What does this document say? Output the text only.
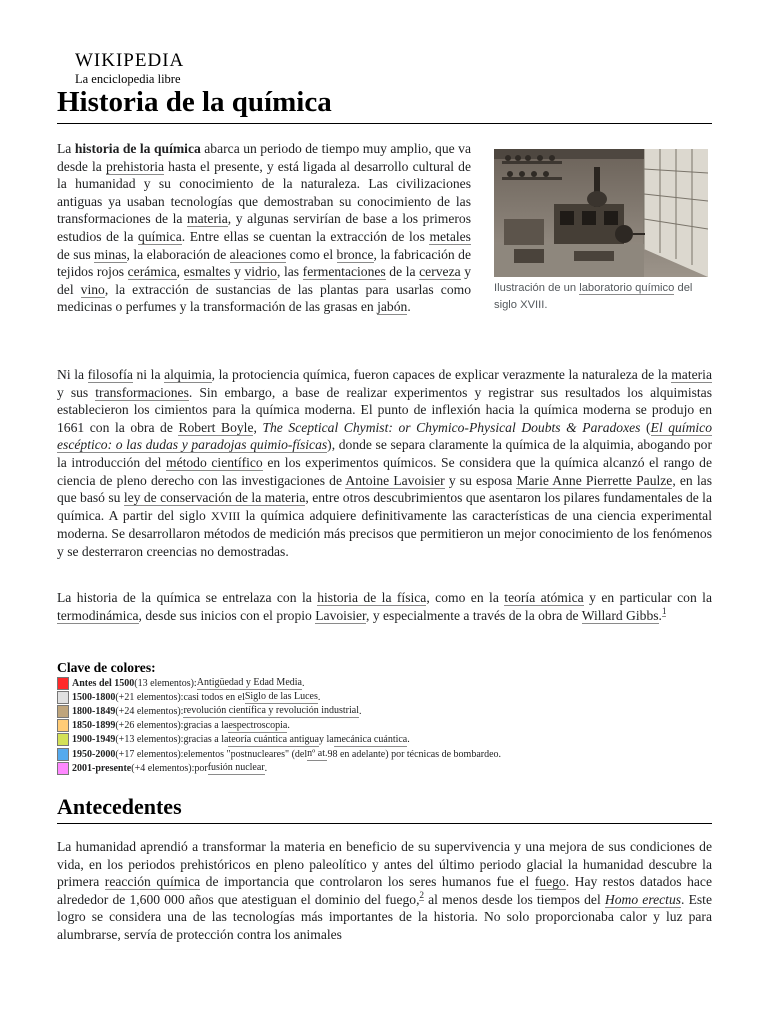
WIKIPEDIA
La enciclopedia libre
Historia de la química

La historia de la química abarca un periodo de tiempo muy amplio, que va desde la prehistoria hasta el presente, y está ligada al desarrollo cultural de la humanidad y su conocimiento de la naturaleza. Las civilizaciones antiguas ya usaban tecnologías que demostraban su conocimiento de las transformaciones de la materia, y algunas servirían de base a los primeros estudios de la química. Entre ellas se cuentan la extracción de los metales de sus minas, la elaboración de aleaciones como el bronce, la fabricación de tejidos rojos cerámica, esmaltes y vidrio, las fermentaciones de la cerveza y del vino, la extracción de sustancias de las plantas para usarlas como medicinas o perfumes y la transformación de las grasas en jabón.

Ilustración de un laboratorio químico del siglo XVIII.

Ni la filosofía ni la alquimia, la protociencia química, fueron capaces de explicar verazmente la naturaleza de la materia y sus transformaciones. Sin embargo, a base de realizar experimentos y registrar sus resultados los alquimistas establecieron los cimientos para la química moderna. El punto de inflexión hacia la química moderna se produjo en 1661 con la obra de Robert Boyle, The Sceptical Chymist: or Chymico-Physical Doubts & Paradoxes (El químico escéptico: o las dudas y paradojas quimio-físicas), donde se separa claramente la química de la alquimia, abogando por la introducción del método científico en los experimentos químicos. Se considera que la química alcanzó el rango de ciencia de pleno derecho con las investigaciones de Antoine Lavoisier y su esposa Marie Anne Pierrette Paulze, en las que basó su ley de conservación de la materia, entre otros descubrimientos que asentaron los pilares fundamentales de la química. A partir del siglo XVIII la química adquiere definitivamente las características de una ciencia experimental moderna. Se desarrollaron métodos de medición más precisos que permitieron un mejor conocimiento de los fenómenos y se desterraron creencias no demostradas.

La historia de la química se entrelaza con la historia de la física, como en la teoría atómica y en particular con la termodinámica, desde sus inicios con el propio Lavoisier, y especialmente a través de la obra de Willard Gibbs.$^1$

Clave de colores:
Antes del 1500 (13 elementos): Antigüedad y Edad Media .
1500-1800 (+21 elementos): casi todos en el Siglo de las Luces .
1800-1849 (+24 elementos): revolución científica y revolución industrial .
1850-1899 (+26 elementos): gracias a la espectroscopia .
1900-1949 (+13 elementos): gracias a la teoría cuántica antigua y la mecánica cuántica .
1950-2000 (+17 elementos): elementos "postnucleares" (del nº at. 98 en adelante) por técnicas de bombardeo.
2001-presente (+4 elementos): por fusión nuclear .
Antecedentes

La humanidad aprendió a transformar la materia en beneficio de su supervivencia y una mejora de sus condiciones de vida, en los periodos prehistóricos en pleno paleolítico y antes del último periodo glacial la humanidad descubre la primera reacción química de importancia que controlaron los seres humanos fue el fuego. Hay restos datados hace alrededor de 1,600 000 años que atestiguan el dominio del fuego,$^2$ al menos desde los tiempos del Homo erectus. Este logro se considera una de las tecnologías más importantes de la historia. No solo proporcionaba calor y luz para alumbrarse, servía de protección contra los animales
